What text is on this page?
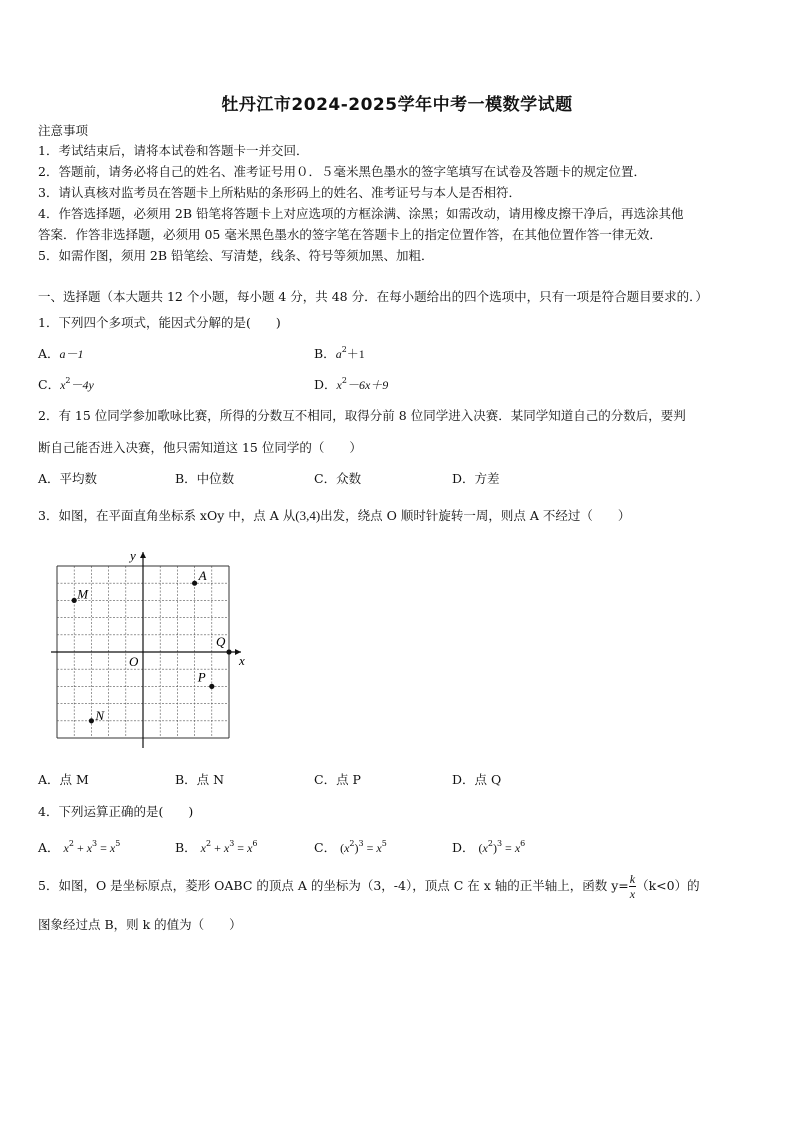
牡丹江市2024-2025学年中考一模数学试题
注意事项
1．考试结束后，请将本试卷和答题卡一并交回．
2．答题前，请务必将自己的姓名、准考证号用０．５毫米黑色墨水的签字笔填写在试卷及答题卡的规定位置．
3．请认真核对监考员在答题卡上所粘贴的条形码上的姓名、准考证号与本人是否相符．
4．作答选择题，必须用 2B 铅笔将答题卡上对应选项的方框涂满、涂黑；如需改动，请用橡皮擦干净后，再选涂其他
答案．作答非选择题，必须用 05 毫米黑色墨水的签字笔在答题卡上的指定位置作答，在其他位置作答一律无效．
5．如需作图，须用 2B 铅笔绘、写清楚，线条、符号等须加黑、加粗．
一、选择题（本大题共 12 个小题，每小题 4 分，共 48 分．在每小题给出的四个选项中，只有一项是符合题目要求的．）
1．下列四个多项式，能因式分解的是(　　)
A．a－1	B．$a^2+1$
C．$x^2-4y$	D．$x^2-6x+9$
2．有 15 位同学参加歌咏比赛，所得的分数互不相同，取得分前 8 位同学进入决赛．某同学知道自己的分数后，要判
断自己能否进入决赛，他只需知道这 15 位同学的（　　）
A．平均数	B．中位数	C．众数	D．方差
3．如图，在平面直角坐标系 xOy 中，点 A 从(3,4)出发，绕点 O 顺时针旋转一周，则点 A 不经过（　　）
x
y
O
A
M
Q
P
N
A．点 M	B．点 N	C．点 P	D．点 Q
4．下列运算正确的是(　　)
A． $x^2 + x^3 = x^5$	B． $x^2 + x^3 = x^6$	C． $(x^2)^3 = x^5$	D． $(x^2)^3 = x^6$
5．如图，O 是坐标原点，菱形 OABC 的顶点 A 的坐标为（3，-4），顶点 C 在 x 轴的正半轴上，函数 $y= \frac{k}{x} (k<0)$的
图象经过点 B，则 k 的值为（　　）
